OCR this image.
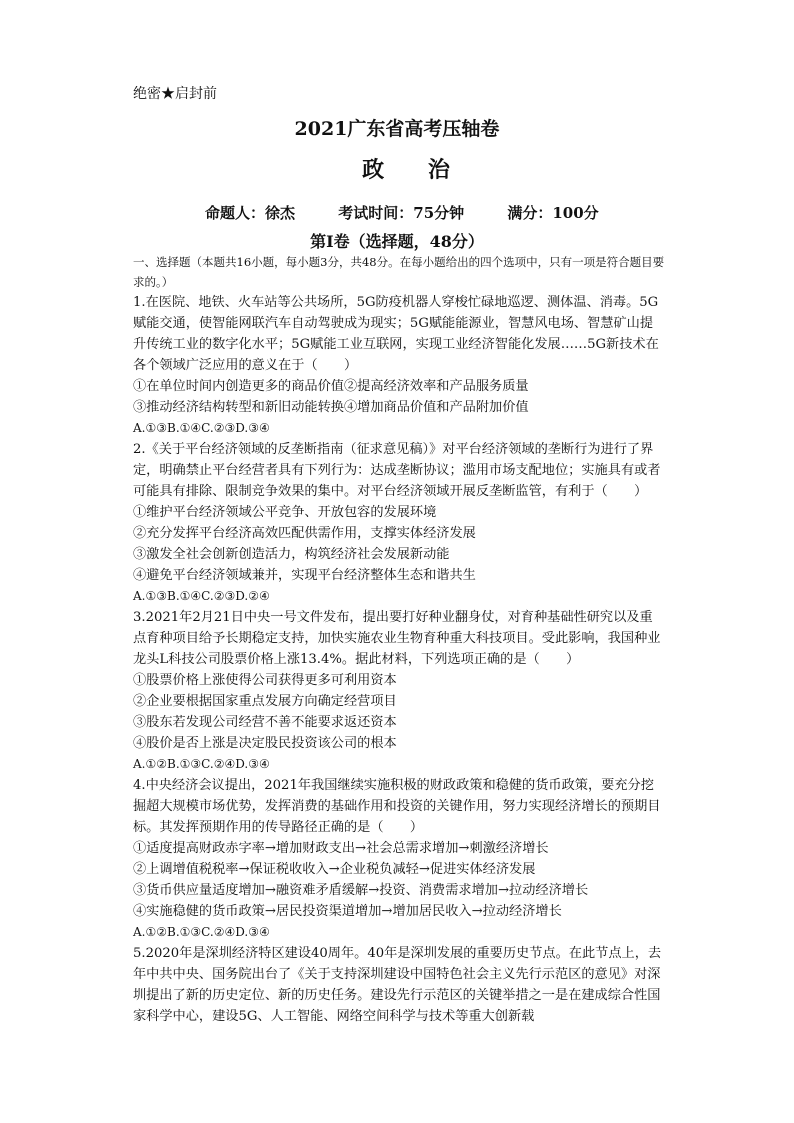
绝密★启封前
2021广东省高考压轴卷
政 治
命题人：徐杰	考试时间：75分钟	满分：100分
第Ⅰ卷（选择题，48分）

一、选择题（本题共16小题，每小题3分，共48分。在每小题给出的四个选项中，只有一项是符合题目要求的。）

1.在医院、地铁、火车站等公共场所，5G防疫机器人穿梭忙碌地巡逻、测体温、消毒。5G赋能交通，使智能网联汽车自动驾驶成为现实；5G赋能能源业，智慧风电场、智慧矿山提升传统工业的数字化水平；5G赋能工业互联网，实现工业经济智能化发展……5G新技术在各个领域广泛应用的意义在于（　　）

①在单位时间内创造更多的商品价值②提高经济效率和产品服务质量

③推动经济结构转型和新旧动能转换④增加商品价值和产品附加价值

A.①③B.①④C.②③D.③④

2.《关于平台经济领域的反垄断指南（征求意见稿）》对平台经济领域的垄断行为进行了界定，明确禁止平台经营者具有下列行为：达成垄断协议；滥用市场支配地位；实施具有或者可能具有排除、限制竞争效果的集中。对平台经济领域开展反垄断监管，有利于（　　）

①维护平台经济领域公平竞争、开放包容的发展环境

②充分发挥平台经济高效匹配供需作用，支撑实体经济发展

③激发全社会创新创造活力，构筑经济社会发展新动能

④避免平台经济领域兼并，实现平台经济整体生态和谐共生

A.①③B.①④C.②③D.②④

3.2021年2月21日中央一号文件发布，提出要打好种业翻身仗，对育种基础性研究以及重点育种项目给予长期稳定支持，加快实施农业生物育种重大科技项目。受此影响，我国种业龙头L科技公司股票价格上涨13.4%。据此材料，下列选项正确的是（　　）

①股票价格上涨使得公司获得更多可利用资本

②企业要根据国家重点发展方向确定经营项目

③股东若发现公司经营不善不能要求返还资本

④股价是否上涨是决定股民投资该公司的根本

A.①②B.①③C.②④D.③④

4.中央经济会议提出，2021年我国继续实施积极的财政政策和稳健的货币政策，要充分挖掘超大规模市场优势，发挥消费的基础作用和投资的关键作用，努力实现经济增长的预期目标。其发挥预期作用的传导路径正确的是（　　）

①适度提高财政赤字率→增加财政支出→社会总需求增加→刺激经济增长

②上调增值税税率→保证税收收入→企业税负减轻→促进实体经济发展

③货币供应量适度增加→融资难矛盾缓解→投资、消费需求增加→拉动经济增长

④实施稳健的货币政策→居民投资渠道增加→增加居民收入→拉动经济增长

A.①②B.①③C.②④D.③④

5.2020年是深圳经济特区建设40周年。40年是深圳发展的重要历史节点。在此节点上，去年中共中央、国务院出台了《关于支持深圳建设中国特色社会主义先行示范区的意见》对深圳提出了新的历史定位、新的历史任务。建设先行示范区的关键举措之一是在建成综合性国家科学中心，建设5G、人工智能、网络空间科学与技术等重大创新载
